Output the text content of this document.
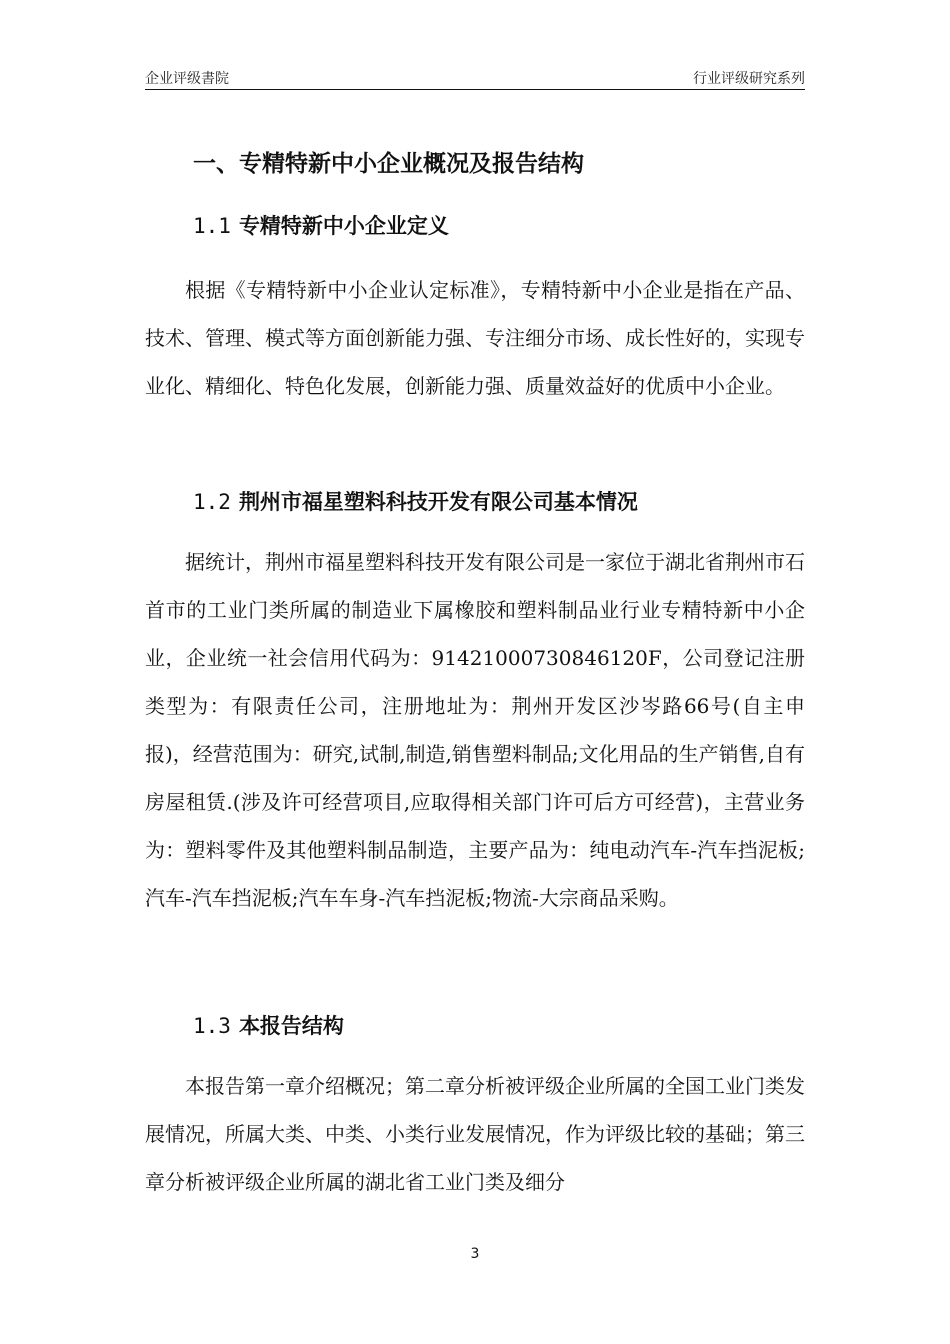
企业评级書院	行业评级研究系列
一、专精特新中小企业概况及报告结构
1.1 专精特新中小企业定义
根据《专精特新中小企业认定标准》，专精特新中小企业是指在产品、技术、管理、模式等方面创新能力强、专注细分市场、成长性好的，实现专业化、精细化、特色化发展，创新能力强、质量效益好的优质中小企业。
1.2 荆州市福星塑料科技开发有限公司基本情况
据统计，荆州市福星塑料科技开发有限公司是一家位于湖北省荆州市石首市的工业门类所属的制造业下属橡胶和塑料制品业行业专精特新中小企业，企业统一社会信用代码为：91421000730846120F，公司登记注册类型为：有限责任公司，注册地址为：荆州开发区沙岑路66号(自主申报)，经营范围为：研究,试制,制造,销售塑料制品;文化用品的生产销售,自有房屋租赁.(涉及许可经营项目,应取得相关部门许可后方可经营)，主营业务为：塑料零件及其他塑料制品制造，主要产品为：纯电动汽车-汽车挡泥板;汽车-汽车挡泥板;汽车车身-汽车挡泥板;物流-大宗商品采购。
1.3 本报告结构
本报告第一章介绍概况；第二章分析被评级企业所属的全国工业门类发展情况，所属大类、中类、小类行业发展情况，作为评级比较的基础；第三章分析被评级企业所属的湖北省工业门类及细分
3
